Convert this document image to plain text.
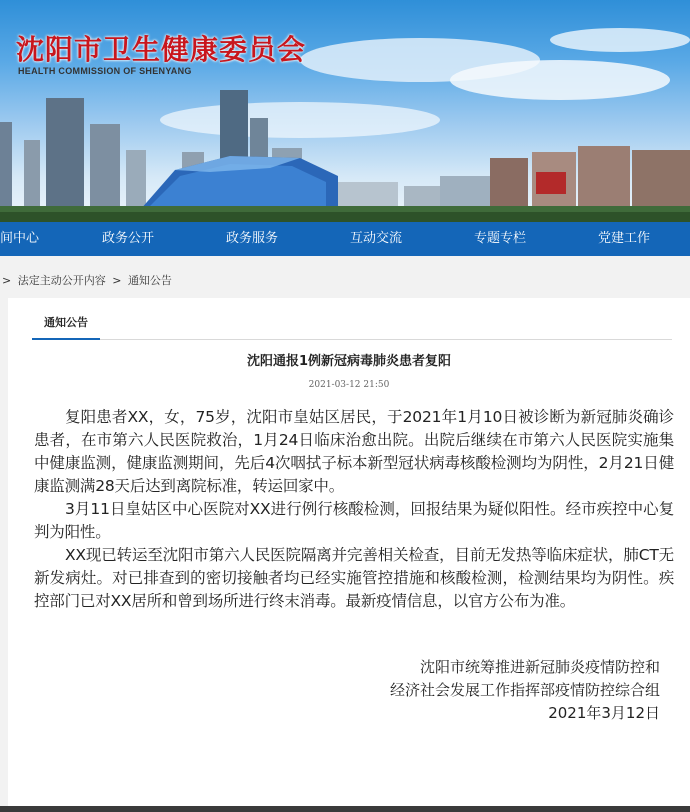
沈阳市卫生健康委员会
HEALTH COMMISSION OF SHENYANG
间中心	政务公开	政务服务	互动交流	专题专栏	党建工作
> 法定主动公开内容 > 通知公告
通知公告
沈阳通报1例新冠病毒肺炎患者复阳
2021-03-12 21:50

复阳患者XX，女，75岁，沈阳市皇姑区居民，于2021年1月10日被诊断为新冠肺炎确诊患者，在市第六人民医院救治，1月24日临床治愈出院。出院后继续在市第六人民医院实施集中健康监测，健康监测期间，先后4次咽拭子标本新型冠状病毒核酸检测均为阴性，2月21日健康监测满28天后达到离院标准，转运回家中。

3月11日皇姑区中心医院对XX进行例行核酸检测，回报结果为疑似阳性。经市疾控中心复判为阳性。

XX现已转运至沈阳市第六人民医院隔离并完善相关检查，目前无发热等临床症状，肺CT无新发病灶。对已排查到的密切接触者均已经实施管控措施和核酸检测，检测结果均为阴性。疾控部门已对XX居所和曾到场所进行终末消毒。最新疫情信息，以官方公布为准。

沈阳市统筹推进新冠肺炎疫情防控和
经济社会发展工作指挥部疫情防控综合组
2021年3月12日
